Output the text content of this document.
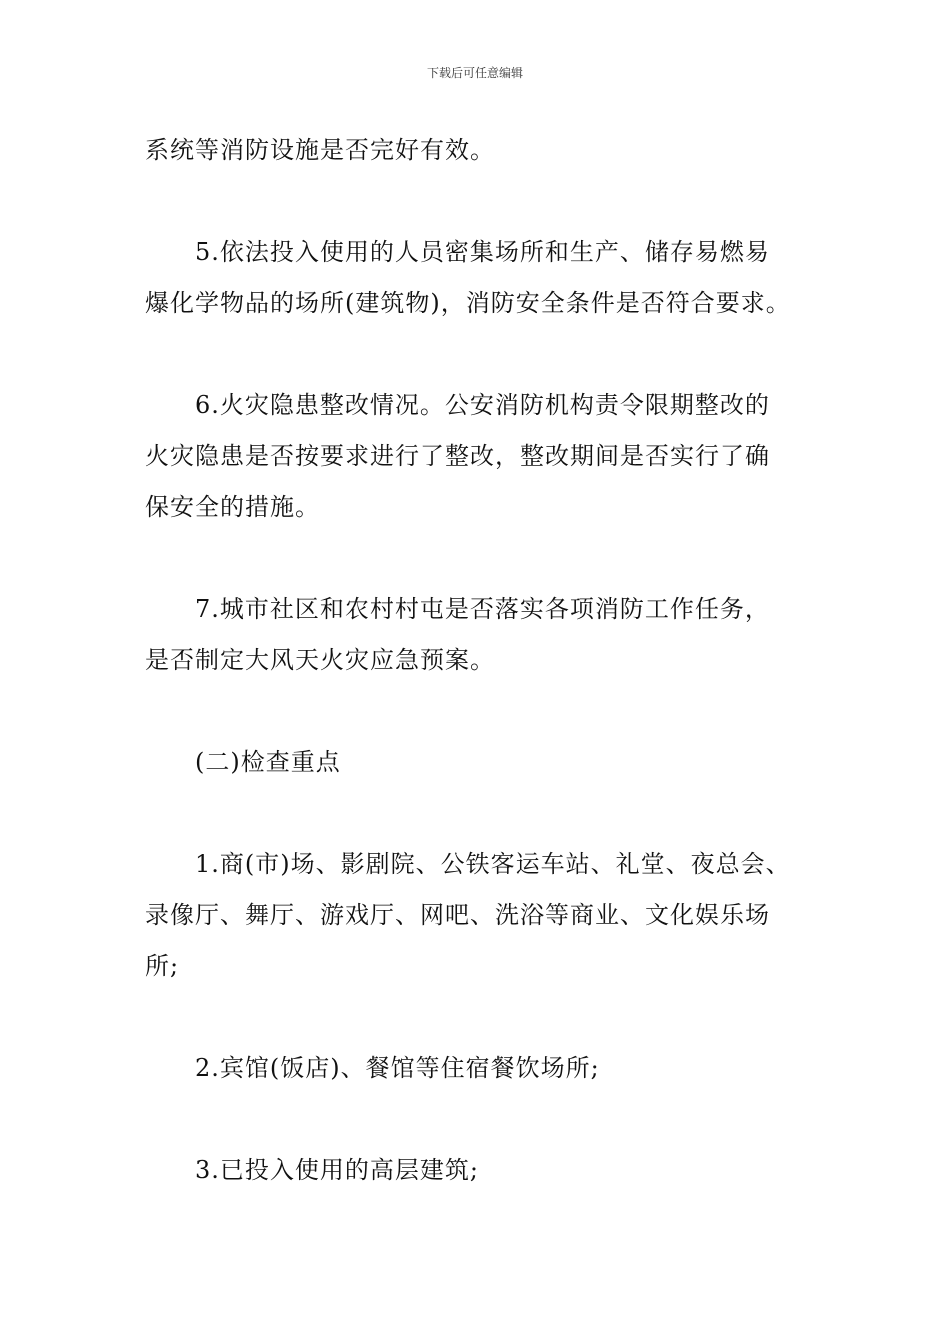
下载后可任意编辑
系统等消防设施是否完好有效。
5.依法投入使用的人员密集场所和生产、储存易燃易
爆化学物品的场所(建筑物)，消防安全条件是否符合要求。
6.火灾隐患整改情况。公安消防机构责令限期整改的
火灾隐患是否按要求进行了整改，整改期间是否实行了确
保安全的措施。
7.城市社区和农村村屯是否落实各项消防工作任务，
是否制定大风天火灾应急预案。
(二)检查重点
1.商(市)场、影剧院、公铁客运车站、礼堂、夜总会、
录像厅、舞厅、游戏厅、网吧、洗浴等商业、文化娱乐场
所;
2.宾馆(饭店)、餐馆等住宿餐饮场所;
3.已投入使用的高层建筑;
